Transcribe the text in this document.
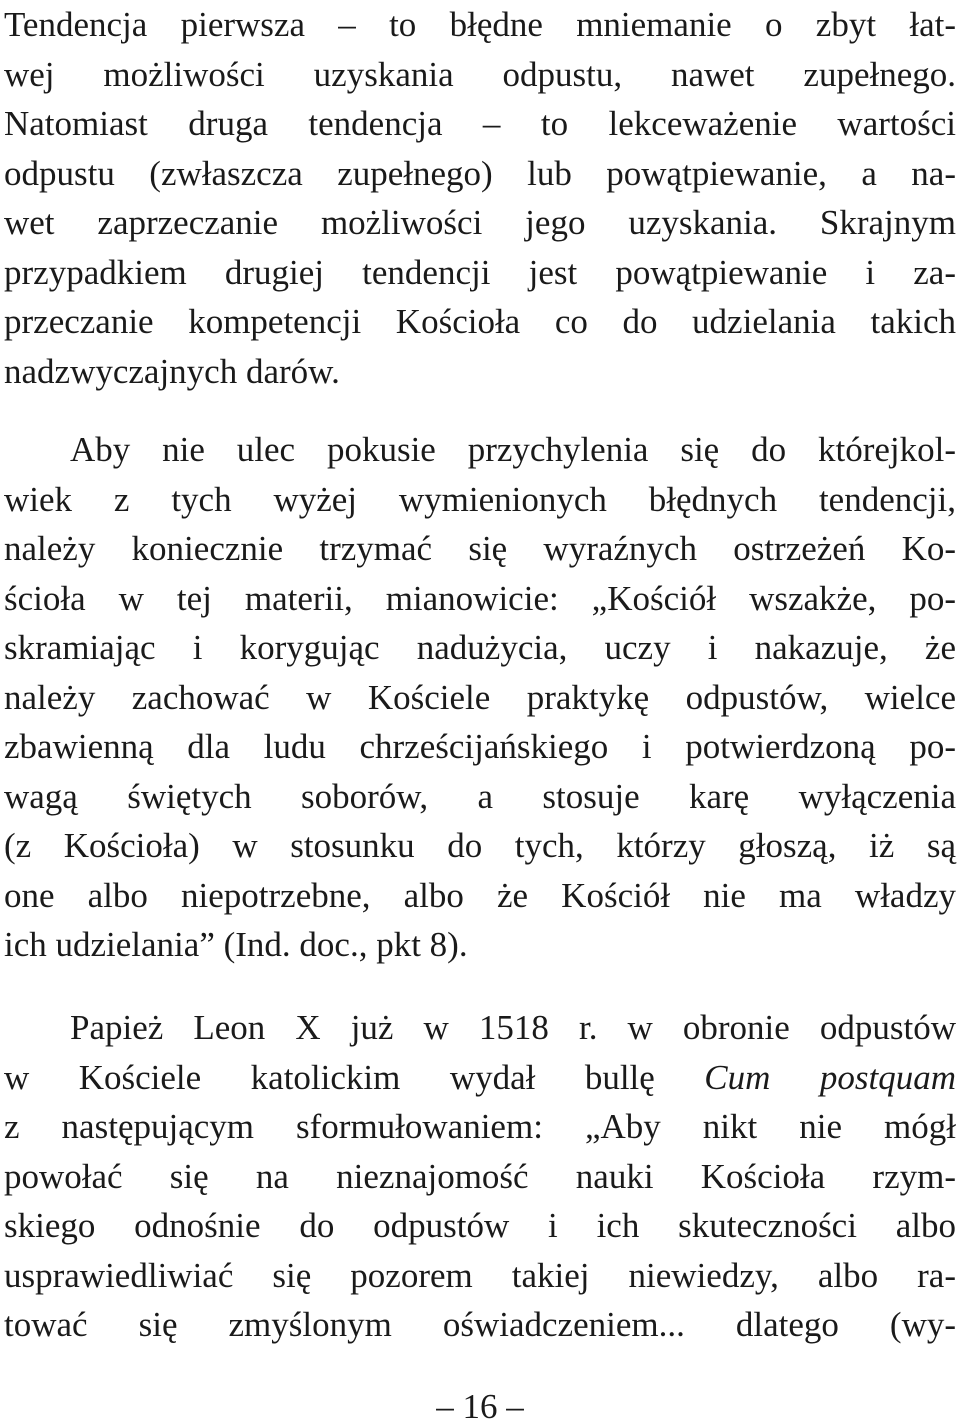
Tendencja pierwsza – to błędne mniemanie o zbyt łat-
wej możliwości uzyskania odpustu, nawet zupełnego.
Natomiast druga tendencja – to lekceważenie wartości
odpustu (zwłaszcza zupełnego) lub powątpiewanie, a na-
wet zaprzeczanie możliwości jego uzyskania. Skrajnym
przypadkiem drugiej tendencji jest powątpiewanie i za-
przeczanie kompetencji Kościoła co do udzielania takich
nadzwyczajnych darów.
Aby nie ulec pokusie przychylenia się do którejkol-
wiek z tych wyżej wymienionych błędnych tendencji,
należy koniecznie trzymać się wyraźnych ostrzeżeń Ko-
ścioła w tej materii, mianowicie: „Kościół wszakże, po-
skramiając i korygując nadużycia, uczy i nakazuje, że
należy zachować w Kościele praktykę odpustów, wielce
zbawienną dla ludu chrześcijańskiego i potwierdzoną po-
wagą świętych soborów, a stosuje karę wyłączenia
(z Kościoła) w stosunku do tych, którzy głoszą, iż są
one albo niepotrzebne, albo że Kościół nie ma władzy
ich udzielania” (Ind. doc., pkt 8).
Papież Leon X już w 1518 r. w obronie odpustów
w Kościele katolickim wydał bullę Cum postquam
z następującym sformułowaniem: „Aby nikt nie mógł
powołać się na nieznajomość nauki Kościoła rzym-
skiego odnośnie do odpustów i ich skuteczności albo
usprawiedliwiać się pozorem takiej niewiedzy, albo ra-
tować się zmyślonym oświadczeniem... dlatego (wy-
– 16 –
